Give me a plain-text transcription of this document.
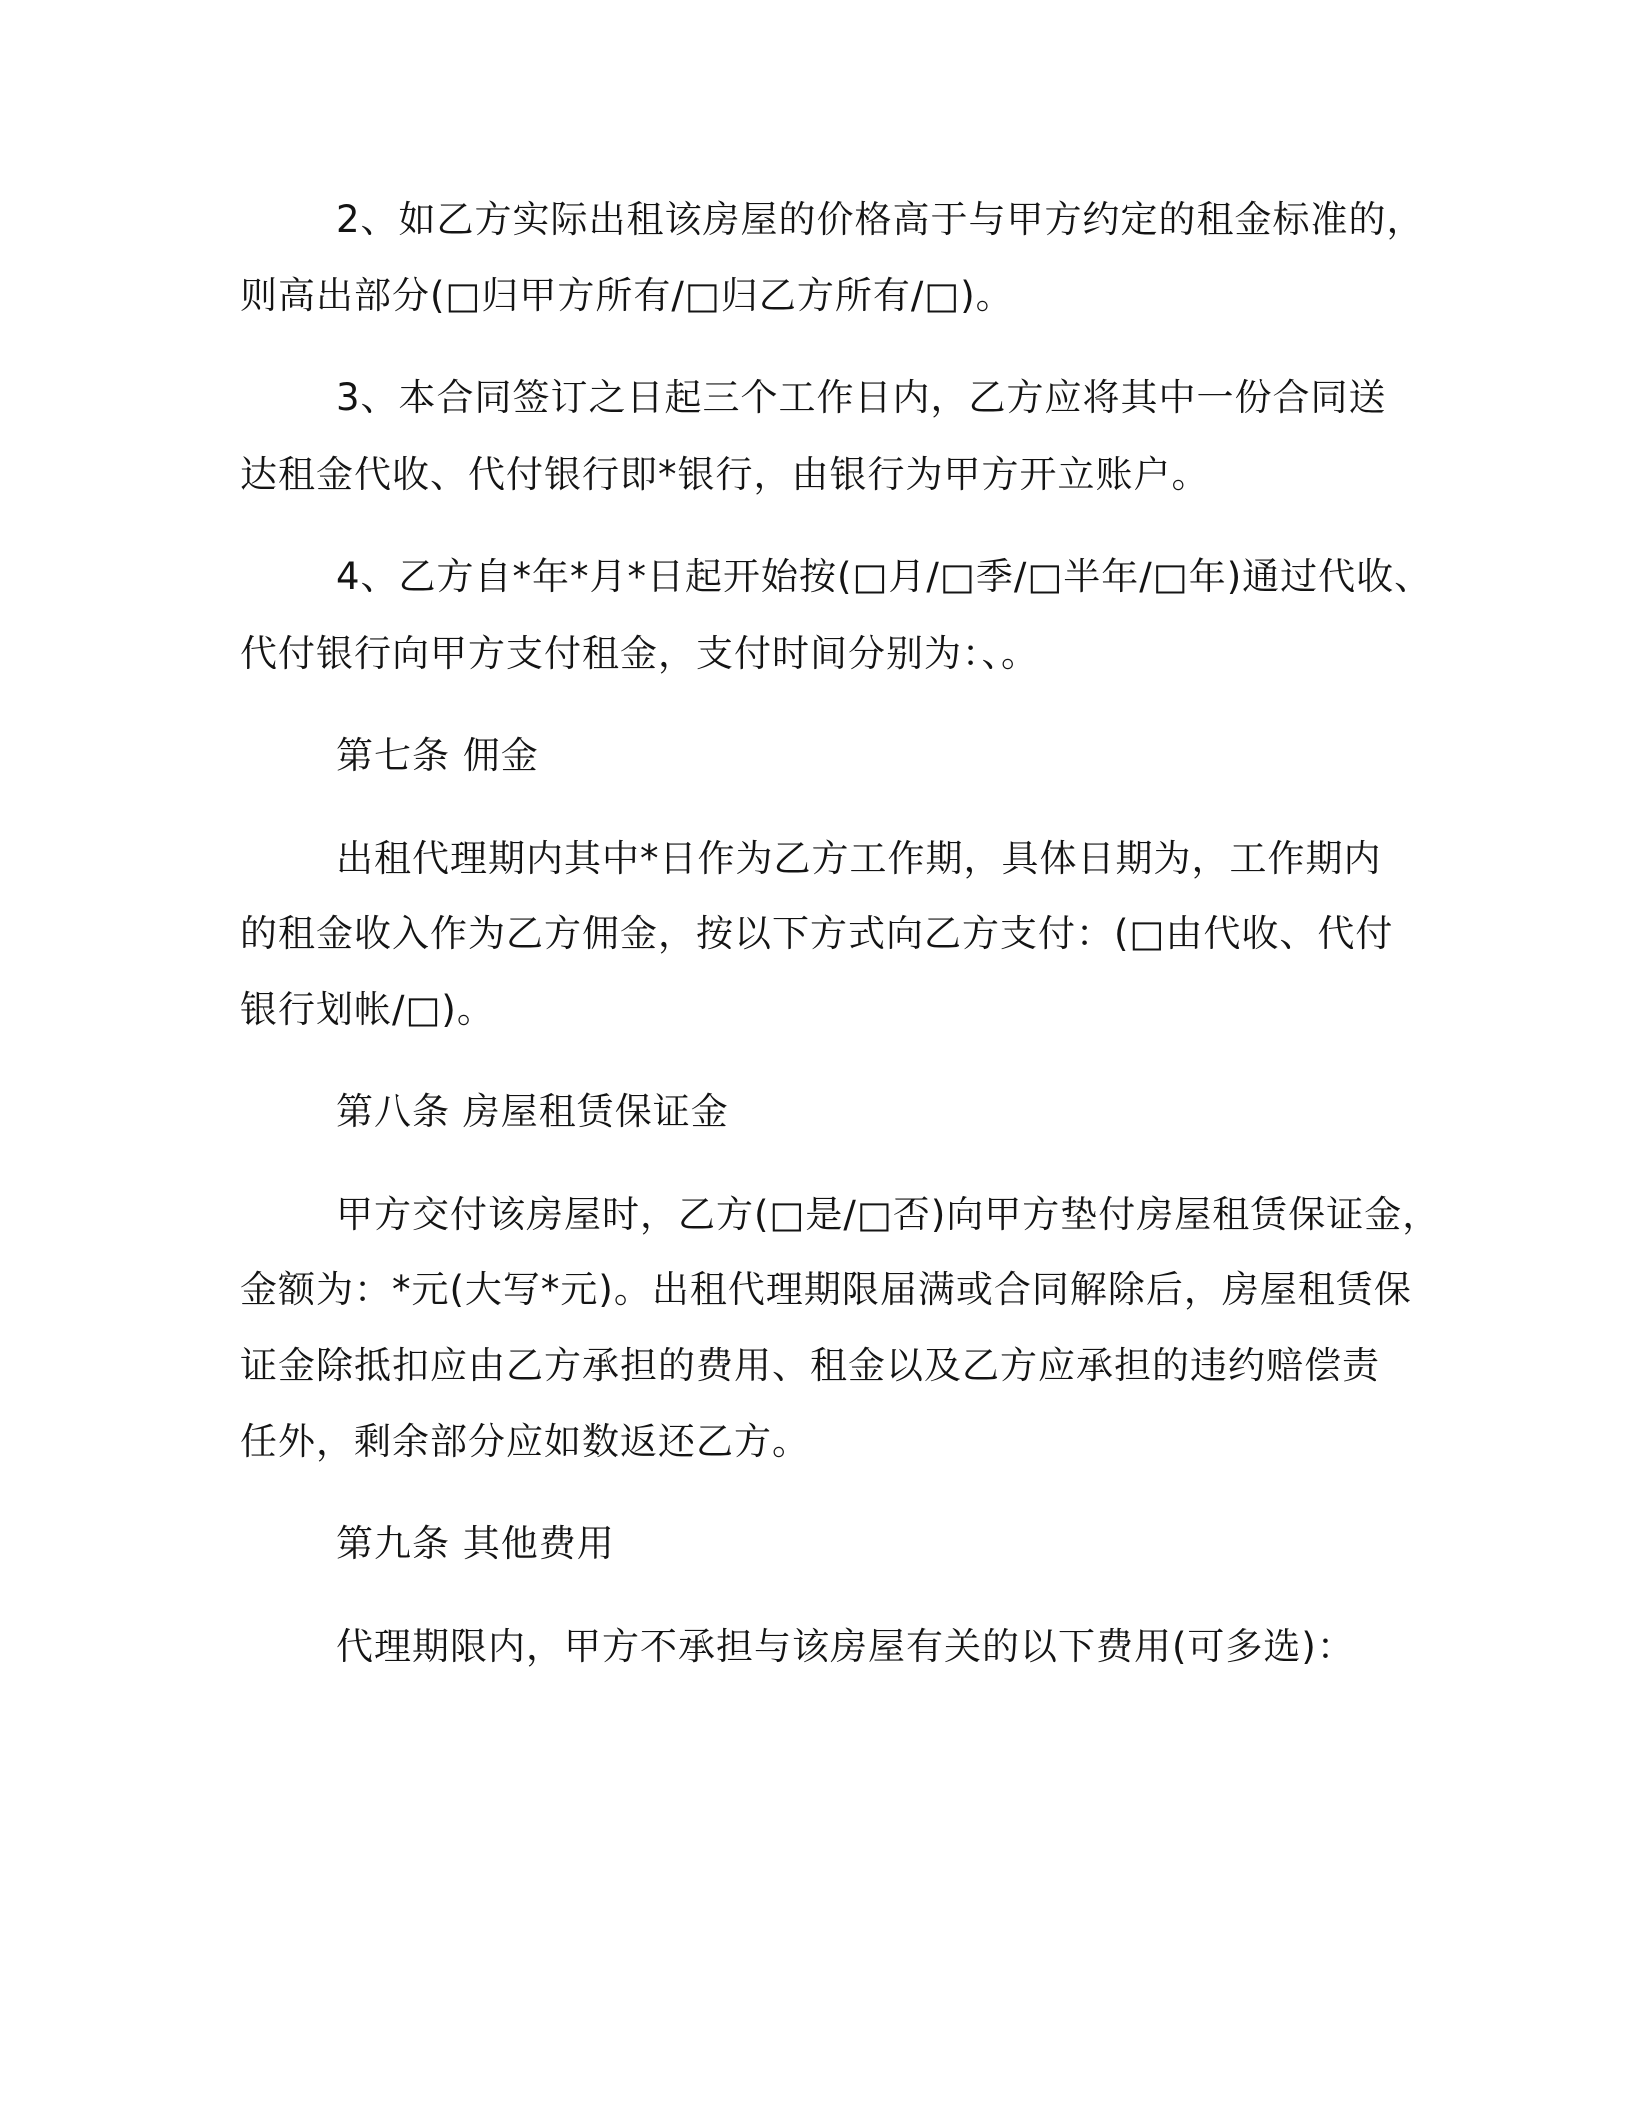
2、如乙方实际出租该房屋的价格高于与甲方约定的租金标准的，

则高出部分(□归甲方所有/□归乙方所有/□)。

3、本合同签订之日起三个工作日内，乙方应将其中一份合同送

达租金代收、代付银行即*银行，由银行为甲方开立账户。

4、乙方自*年*月*日起开始按(□月/□季/□半年/□年)通过代收、

代付银行向甲方支付租金，支付时间分别为：、。

第七条 佣金

出租代理期内其中*日作为乙方工作期，具体日期为，工作期内

的租金收入作为乙方佣金，按以下方式向乙方支付：(□由代收、代付

银行划帐/□)。

第八条 房屋租赁保证金

甲方交付该房屋时，乙方(□是/□否)向甲方垫付房屋租赁保证金，

金额为：*元(大写*元)。出租代理期限届满或合同解除后，房屋租赁保

证金除抵扣应由乙方承担的费用、租金以及乙方应承担的违约赔偿责

任外，剩余部分应如数返还乙方。

第九条 其他费用

代理期限内，甲方不承担与该房屋有关的以下费用(可多选)：
